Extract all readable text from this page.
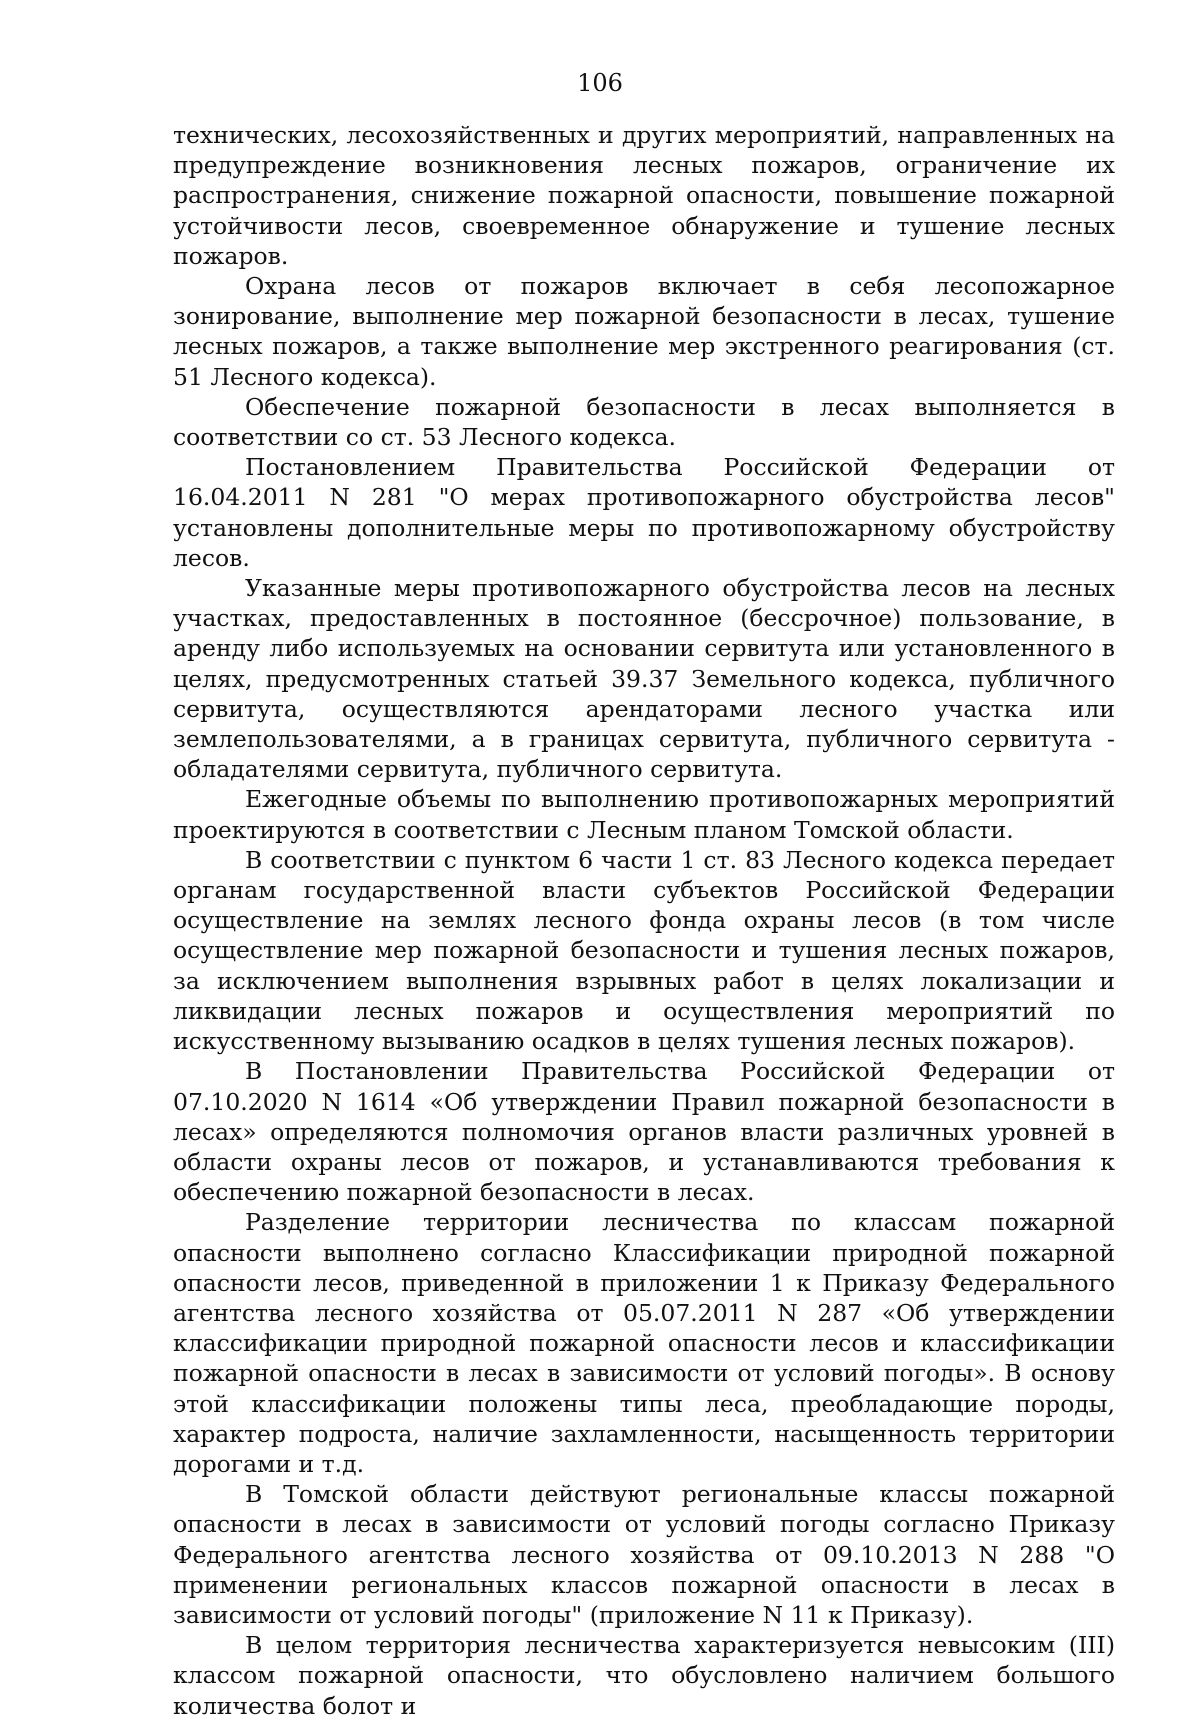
106

технических, лесохозяйственных и других мероприятий, направленных на предупреждение возникновения лесных пожаров, ограничение их распространения, снижение пожарной опасности, повышение пожарной устойчивости лесов, своевременное обнаружение и тушение лесных пожаров.

Охрана лесов от пожаров включает в себя лесопожарное зонирование, выполнение мер пожарной безопасности в лесах, тушение лесных пожаров, а также выполнение мер экстренного реагирования (ст. 51 Лесного кодекса).

Обеспечение пожарной безопасности в лесах выполняется в соответствии со ст. 53 Лесного кодекса.

Постановлением Правительства Российской Федерации от 16.04.2011 N 281 "О мерах противопожарного обустройства лесов" установлены дополнительные меры по противопожарному обустройству лесов.

Указанные меры противопожарного обустройства лесов на лесных участках, предоставленных в постоянное (бессрочное) пользование, в аренду либо используемых на основании сервитута или установленного в целях, предусмотренных статьей 39.37 Земельного кодекса, публичного сервитута, осуществляются арендаторами лесного участка или землепользователями, а в границах сервитута, публичного сервитута - обладателями сервитута, публичного сервитута.

Ежегодные объемы по выполнению противопожарных мероприятий проектируются в соответствии с Лесным планом Томской области.

В соответствии с пунктом 6 части 1 ст. 83 Лесного кодекса передает органам государственной власти субъектов Российской Федерации осуществление на землях лесного фонда охраны лесов (в том числе осуществление мер пожарной безопасности и тушения лесных пожаров, за исключением выполнения взрывных работ в целях локализации и ликвидации лесных пожаров и осуществления мероприятий по искусственному вызыванию осадков в целях тушения лесных пожаров).

В Постановлении Правительства Российской Федерации от 07.10.2020 N 1614 «Об утверждении Правил пожарной безопасности в лесах» определяются полномочия органов власти различных уровней в области охраны лесов от пожаров, и устанавливаются требования к обеспечению пожарной безопасности в лесах.

Разделение территории лесничества по классам пожарной опасности выполнено согласно Классификации природной пожарной опасности лесов, приведенной в приложении 1 к Приказу Федерального агентства лесного хозяйства от 05.07.2011 N 287 «Об утверждении классификации природной пожарной опасности лесов и классификации пожарной опасности в лесах в зависимости от условий погоды». В основу этой классификации положены типы леса, преобладающие породы, характер подроста, наличие захламленности, насыщенность территории дорогами и т.д.

В Томской области действуют региональные классы пожарной опасности в лесах в зависимости от условий погоды согласно Приказу Федерального агентства лесного хозяйства от 09.10.2013 N 288 "О применении региональных классов пожарной опасности в лесах в зависимости от условий погоды" (приложение N 11 к Приказу).

В целом территория лесничества характеризуется невысоким (III) классом пожарной опасности, что обусловлено наличием большого количества болот и
